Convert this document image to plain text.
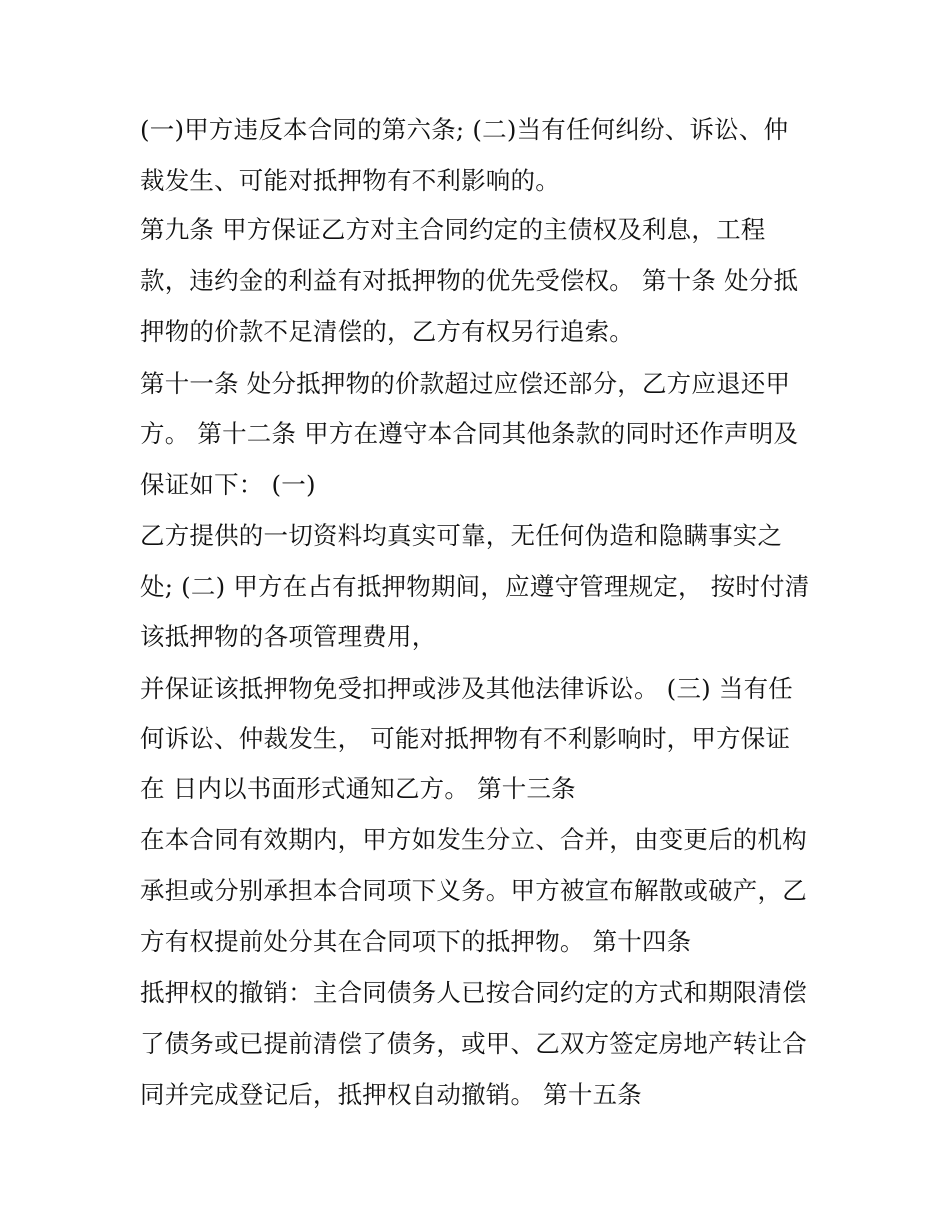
(一)甲方违反本合同的第六条; (二)当有任何纠纷、诉讼、仲
裁发生、可能对抵押物有不利影响的。
第九条 甲方保证乙方对主合同约定的主债权及利息，工程
款，违约金的利益有对抵押物的优先受偿权。 第十条 处分抵
押物的价款不足清偿的，乙方有权另行追索。
第十一条 处分抵押物的价款超过应偿还部分，乙方应退还甲
方。 第十二条 甲方在遵守本合同其他条款的同时还作声明及
保证如下： (一)
乙方提供的一切资料均真实可靠，无任何伪造和隐瞒事实之
处; (二) 甲方在占有抵押物期间，应遵守管理规定， 按时付清
该抵押物的各项管理费用，
并保证该抵押物免受扣押或涉及其他法律诉讼。 (三) 当有任
何诉讼、仲裁发生， 可能对抵押物有不利影响时，甲方保证
在 日内以书面形式通知乙方。 第十三条
在本合同有效期内，甲方如发生分立、合并，由变更后的机构
承担或分别承担本合同项下义务。甲方被宣布解散或破产，乙
方有权提前处分其在合同项下的抵押物。 第十四条
抵押权的撤销：主合同债务人已按合同约定的方式和期限清偿
了债务或已提前清偿了债务，或甲、乙双方签定房地产转让合
同并完成登记后，抵押权自动撤销。 第十五条
